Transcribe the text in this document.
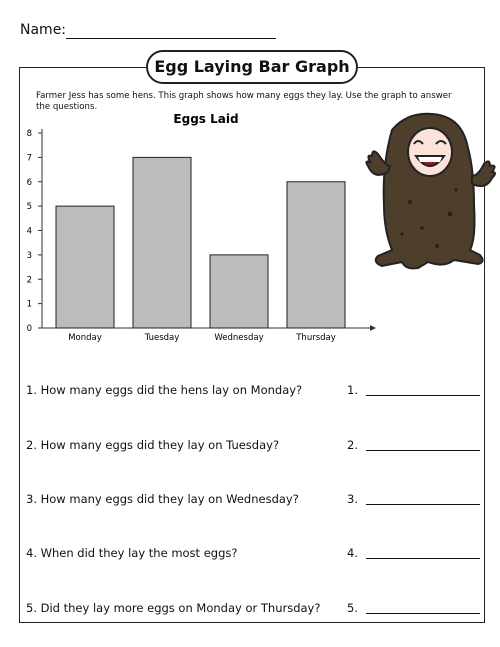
Name:
Egg Laying Bar Graph
Farmer Jess has some hens. This graph shows how many eggs they lay. Use the graph to answer the questions.
Eggs Laid
0
1
2
3
4
5
6
7
8
Monday	Tuesday	Wednesday	Thursday
1. How many eggs did the hens lay on Monday?	1.
2. How many eggs did they lay on Tuesday?	2.
3. How many eggs did they lay on Wednesday?	3.
4. When did they lay the most eggs?	4.
5. Did they lay more eggs on Monday or Thursday? 5.
